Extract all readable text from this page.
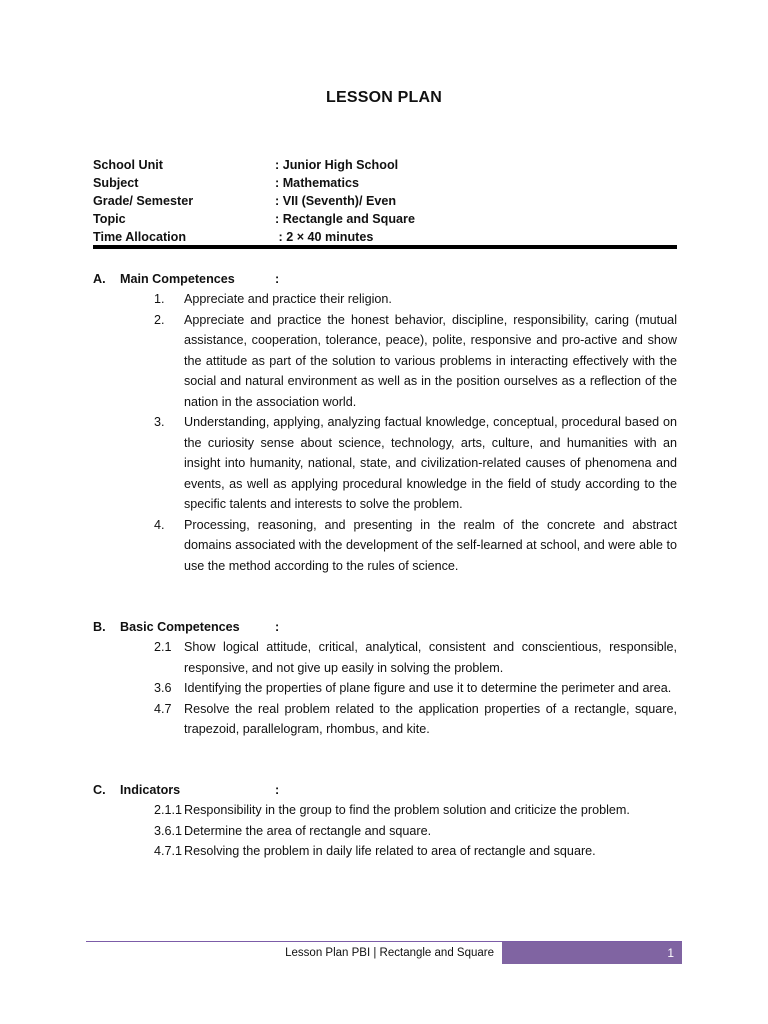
LESSON PLAN
School Unit	: Junior High School
Subject	: Mathematics
Grade/ Semester	: VII (Seventh)/ Even
Topic	: Rectangle and Square
Time Allocation	: 2 × 40 minutes
A.	Main Competences	:
1.	Appreciate and practice their religion.
2.	Appreciate and practice the honest behavior, discipline, responsibility, caring (mutual assistance, cooperation, tolerance, peace), polite, responsive and pro-active and show the attitude as part of the solution to various problems in interacting effectively with the social and natural environment as well as in the position ourselves as a reflection of the nation in the association world.
3.	Understanding, applying, analyzing factual knowledge, conceptual, procedural based on the curiosity sense about science, technology, arts, culture, and humanities with an insight into humanity, national, state, and civilization-related causes of phenomena and events, as well as applying procedural knowledge in the field of study according to the specific talents and interests to solve the problem.
4.	Processing, reasoning, and presenting in the realm of the concrete and abstract domains associated with the development of the self-learned at school, and were able to use the method according to the rules of science.
B.	Basic Competences	:
2.1 Show logical attitude, critical, analytical, consistent and conscientious, responsible, responsive, and not give up easily in solving the problem.
3.6 Identifying the properties of plane figure and use it to determine the perimeter and area.
4.7 Resolve the real problem related to the application properties of a rectangle, square, trapezoid, parallelogram, rhombus, and kite.
C.	Indicators	:
2.1.1 Responsibility in the group to find the problem solution and criticize the problem.
3.6.1 Determine the area of rectangle and square.
4.7.1 Resolving the problem in daily life related to area of rectangle and square.
Lesson Plan PBI | Rectangle and Square	1
